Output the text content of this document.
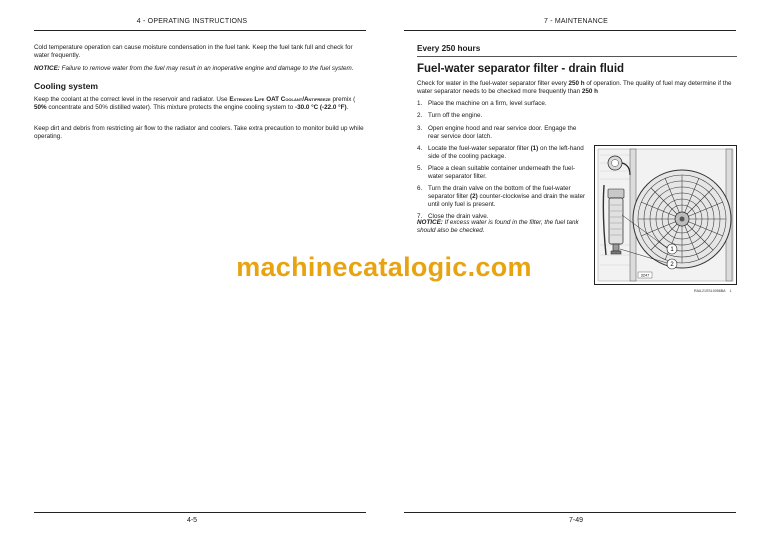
4 - OPERATING INSTRUCTIONS

Cold temperature operation can cause moisture condensation in the fuel tank. Keep the fuel tank full and check for water frequently.

NOTICE: Failure to remove water from the fuel may result in an inoperative engine and damage to the fuel system.

Cooling system

Keep the coolant at the correct level in the reservoir and radiator. Use Extended Life OAT Coolant/Antifreeze premix ( 50% concentrate and 50% distilled water). This mixture protects the engine cooling system to -30.0 °C (-22.0 °F).

Keep dirt and debris from restricting air flow to the radiator and coolers. Take extra precaution to monitor build up while operating.

4-5
7 - MAINTENANCE
Every 250 hours
Fuel-water separator filter - drain fluid

Check for water in the fuel-water separator filter every 250 h of operation. The quality of fuel may determine if the water separator needs to be checked more frequently than 250 h

1. Place the machine on a firm, level surface.
2. Turn off the engine.
3. Open engine hood and rear service door. Engage the rear service door latch.
4. Locate the fuel-water separator filter (1) on the left-hand side of the cooling package.
5. Place a clean suitable container underneath the fuel-water separator filter.
6. Turn the drain valve on the bottom of the fuel-water separator filter (2) counter-clockwise and drain the water until only fuel is present.
7. Close the drain valve.

NOTICE: If excess water is found in the filter, the fuel tank should also be checked.

1
2
3247
RAIL21SSL0056BA 1
7-49
machinecatalogic.com
